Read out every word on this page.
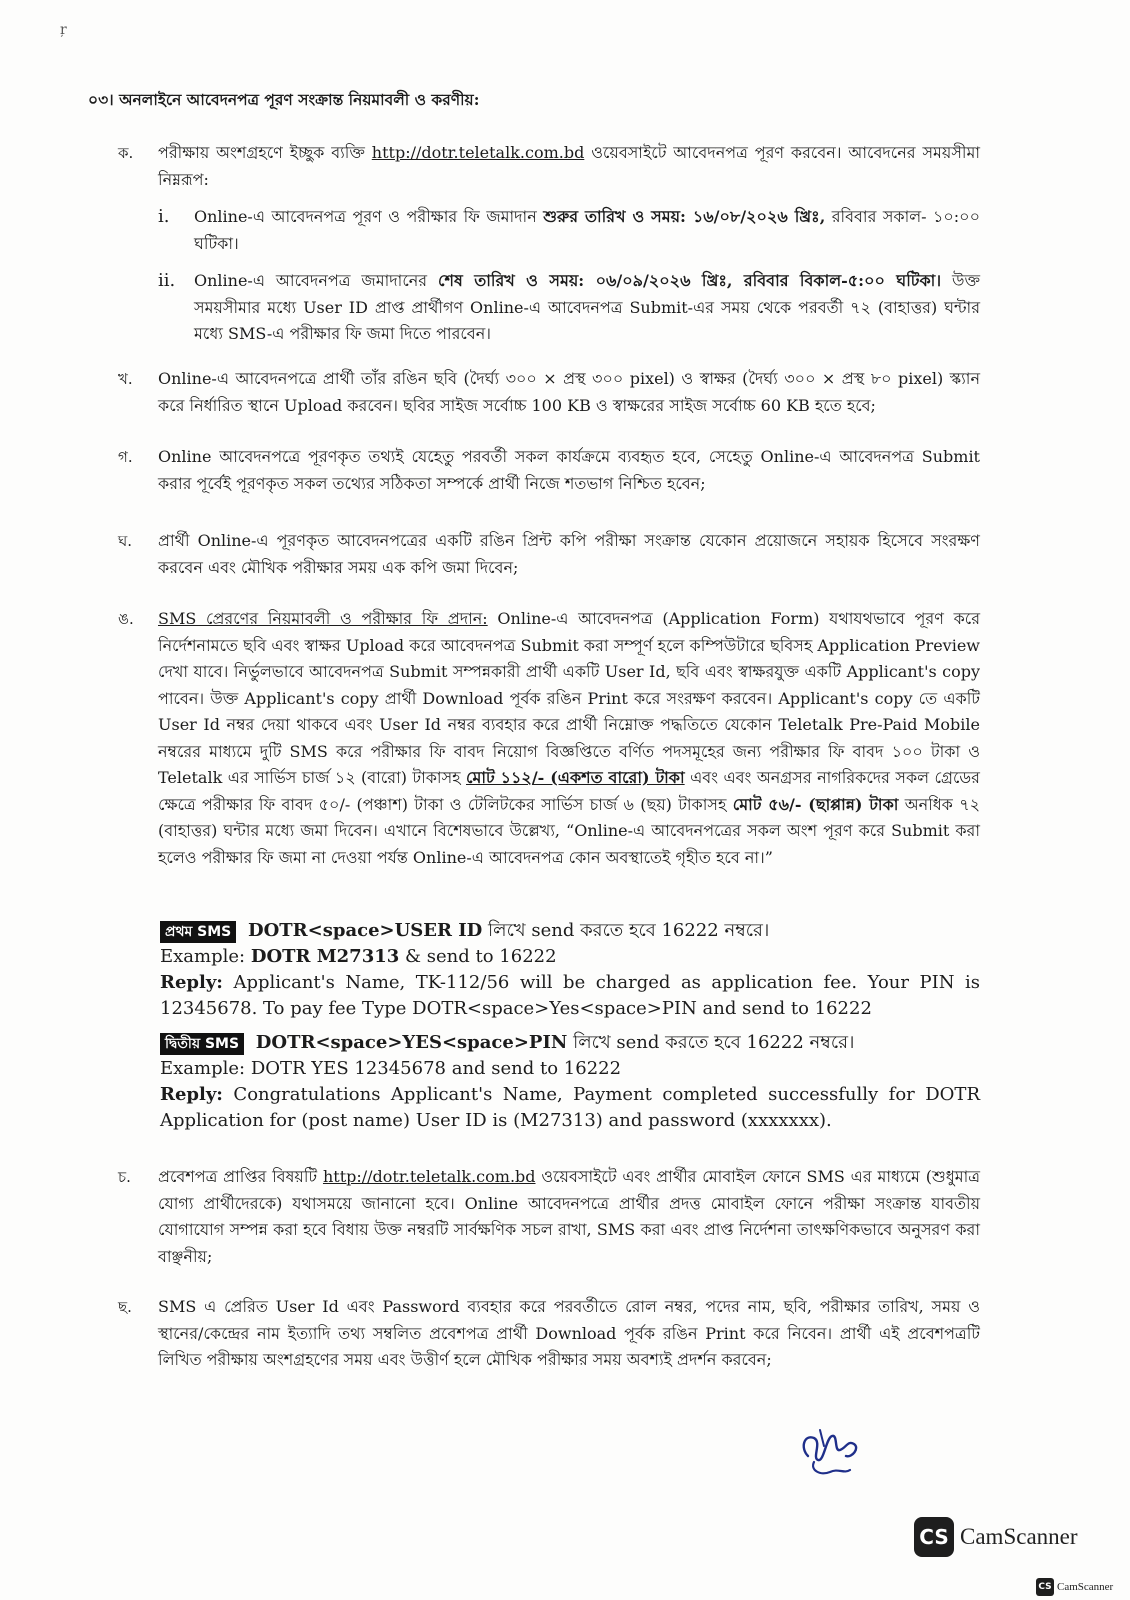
ŗ
০৩। অনলাইনে আবেদনপত্র পূরণ সংক্রান্ত নিয়মাবলী ও করণীয়:
ক.	পরীক্ষায় অংশগ্রহণে ইচ্ছুক ব্যক্তি http://dotr.teletalk.com.bd ওয়েবসাইটে আবেদনপত্র পূরণ করবেন। আবেদনের সময়সীমা নিম্নরূপ:
i. Online-এ আবেদনপত্র পূরণ ও পরীক্ষার ফি জমাদান শুরুর তারিখ ও সময়: ১৬/০৮/২০২৬ খ্রিঃ, রবিবার সকাল- ১০:০০ ঘটিকা।
ii. Online-এ আবেদনপত্র জমাদানের শেষ তারিখ ও সময়: ০৬/০৯/২০২৬ খ্রিঃ, রবিবার বিকাল-৫:০০ ঘটিকা। উক্ত সময়সীমার মধ্যে User ID প্রাপ্ত প্রার্থীগণ Online-এ আবেদনপত্র Submit-এর সময় থেকে পরবর্তী ৭২ (বাহাত্তর) ঘন্টার মধ্যে SMS-এ পরীক্ষার ফি জমা দিতে পারবেন।
খ.	Online-এ আবেদনপত্রে প্রার্থী তাঁর রঙিন ছবি (দৈর্ঘ্য ৩০০ × প্রস্থ ৩০০ pixel) ও স্বাক্ষর (দৈর্ঘ্য ৩০০ × প্রস্থ ৮০ pixel) স্ক্যান করে নির্ধারিত স্থানে Upload করবেন। ছবির সাইজ সর্বোচ্চ 100 KB ও স্বাক্ষরের সাইজ সর্বোচ্চ 60 KB হতে হবে;
গ.	Online আবেদনপত্রে পূরণকৃত তথ্যই যেহেতু পরবর্তী সকল কার্যক্রমে ব্যবহৃত হবে, সেহেতু Online-এ আবেদনপত্র Submit করার পূর্বেই পূরণকৃত সকল তথ্যের সঠিকতা সম্পর্কে প্রার্থী নিজে শতভাগ নিশ্চিত হবেন;
ঘ.	প্রার্থী Online-এ পূরণকৃত আবেদনপত্রের একটি রঙিন প্রিন্ট কপি পরীক্ষা সংক্রান্ত যেকোন প্রয়োজনে সহায়ক হিসেবে সংরক্ষণ করবেন এবং মৌখিক পরীক্ষার সময় এক কপি জমা দিবেন;
ঙ.	SMS প্রেরণের নিয়মাবলী ও পরীক্ষার ফি প্রদান: Online-এ আবেদনপত্র (Application Form) যথাযথভাবে পূরণ করে নির্দেশনামতে ছবি এবং স্বাক্ষর Upload করে আবেদনপত্র Submit করা সম্পূর্ণ হলে কম্পিউটারে ছবিসহ Application Preview দেখা যাবে। নির্ভুলভাবে আবেদনপত্র Submit সম্পন্নকারী প্রার্থী একটি User Id, ছবি এবং স্বাক্ষরযুক্ত একটি Applicant's copy পাবেন। উক্ত Applicant's copy প্রার্থী Download পূর্বক রঙিন Print করে সংরক্ষণ করবেন। Applicant's copy তে একটি User Id নম্বর দেয়া থাকবে এবং User Id নম্বর ব্যবহার করে প্রার্থী নিম্নোক্ত পদ্ধতিতে যেকোন Teletalk Pre-Paid Mobile নম্বরের মাধ্যমে দুটি SMS করে পরীক্ষার ফি বাবদ নিয়োগ বিজ্ঞপ্তিতে বর্ণিত পদসমূহের জন্য পরীক্ষার ফি বাবদ ১০০ টাকা ও Teletalk এর সার্ভিস চার্জ ১২ (বারো) টাকাসহ মোট ১১২/- (একশত বারো) টাকা এবং এবং অনগ্রসর নাগরিকদের সকল গ্রেডের ক্ষেত্রে পরীক্ষার ফি বাবদ ৫০/- (পঞ্চাশ) টাকা ও টেলিটকের সার্ভিস চার্জ ৬ (ছয়) টাকাসহ মোট ৫৬/- (ছাপ্পান্ন) টাকা অনধিক ৭২ (বাহাত্তর) ঘন্টার মধ্যে জমা দিবেন। এখানে বিশেষভাবে উল্লেখ্য, “Online-এ আবেদনপত্রের সকল অংশ পূরণ করে Submit করা হলেও পরীক্ষার ফি জমা না দেওয়া পর্যন্ত Online-এ আবেদনপত্র কোন অবস্থাতেই গৃহীত হবে না।”
প্রথম SMS DOTR<space>USER ID লিখে send করতে হবে 16222 নম্বরে।
Example: DOTR M27313 & send to 16222
Reply: Applicant's Name, TK-112/56 will be charged as application fee. Your PIN is 12345678. To pay fee Type DOTR<space>Yes<space>PIN and send to 16222
দ্বিতীয় SMS DOTR<space>YES<space>PIN লিখে send করতে হবে 16222 নম্বরে।
Example: DOTR YES 12345678 and send to 16222
Reply: Congratulations Applicant's Name, Payment completed successfully for DOTR Application for (post name) User ID is (M27313) and password (xxxxxxx).
চ.	প্রবেশপত্র প্রাপ্তির বিষয়টি http://dotr.teletalk.com.bd ওয়েবসাইটে এবং প্রার্থীর মোবাইল ফোনে SMS এর মাধ্যমে (শুধুমাত্র যোগ্য প্রার্থীদেরকে) যথাসময়ে জানানো হবে। Online আবেদনপত্রে প্রার্থীর প্রদত্ত মোবাইল ফোনে পরীক্ষা সংক্রান্ত যাবতীয় যোগাযোগ সম্পন্ন করা হবে বিধায় উক্ত নম্বরটি সার্বক্ষণিক সচল রাখা, SMS করা এবং প্রাপ্ত নির্দেশনা তাৎক্ষণিকভাবে অনুসরণ করা বাঞ্ছনীয়;
ছ.	SMS এ প্রেরিত User Id এবং Password ব্যবহার করে পরবর্তীতে রোল নম্বর, পদের নাম, ছবি, পরীক্ষার তারিখ, সময় ও স্থানের/কেন্দ্রের নাম ইত্যাদি তথ্য সম্বলিত প্রবেশপত্র প্রার্থী Download পূর্বক রঙিন Print করে নিবেন। প্রার্থী এই প্রবেশপত্রটি লিখিত পরীক্ষায় অংশগ্রহণের সময় এবং উত্তীর্ণ হলে মৌখিক পরীক্ষার সময় অবশ্যই প্রদর্শন করবেন;
CS CamScanner
CS CamScanner
